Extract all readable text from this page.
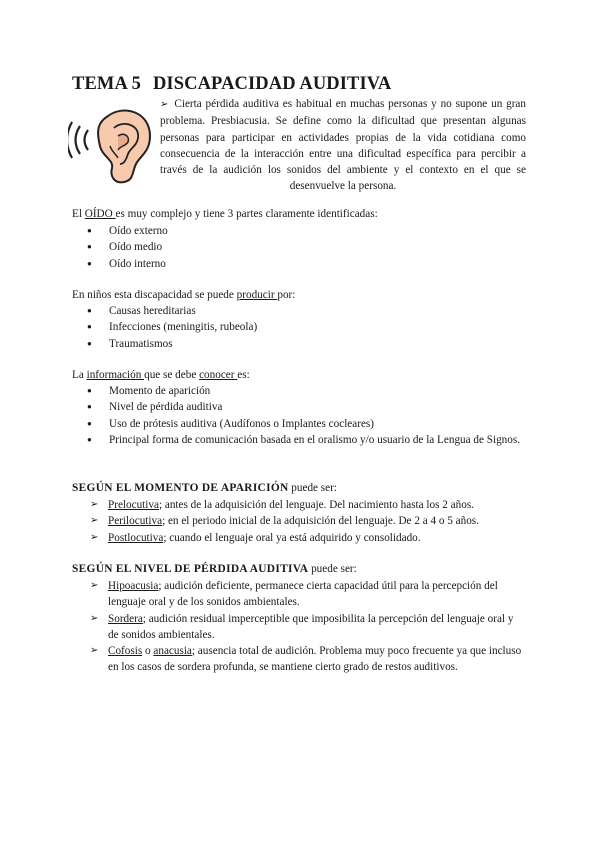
TEMA 5 DISCAPACIDAD AUDITIVA
➢ Cierta pérdida auditiva es habitual en muchas personas y no supone un gran problema. Presbiacusia. Se define como la dificultad que presentan algunas personas para participar en actividades propias de la vida cotidiana como consecuencia de la interacción entre una dificultad específica para percibir a través de la audición los sonidos del ambiente y el contexto en el que se desenvuelve la persona.
El OÍDO es muy complejo y tiene 3 partes claramente identificadas:
● Oído externo
● Oído medio
● Oído interno
En niños esta discapacidad se puede producir por:
● Causas hereditarias
● Infecciones (meningitis, rubeola)
● Traumatismos
La información que se debe conocer es:
● Momento de aparición
● Nivel de pérdida auditiva
● Uso de prótesis auditiva (Audífonos o Implantes cocleares)
● Principal forma de comunicación basada en el oralismo y/o usuario de la Lengua de Signos.
SEGÚN EL MOMENTO DE APARICIÓN puede ser:
➢ Prelocutiva; antes de la adquisición del lenguaje. Del nacimiento hasta los 2 años.
➢ Perilocutiva; en el periodo inicial de la adquisición del lenguaje. De 2 a 4 o 5 años.
➢ Postlocutiva; cuando el lenguaje oral ya está adquirido y consolidado.
SEGÚN EL NIVEL DE PÉRDIDA AUDITIVA puede ser:
➢ Hipoacusia; audición deficiente, permanece cierta capacidad útil para la percepción del lenguaje oral y de los sonidos ambientales.
➢ Sordera; audición residual imperceptible que imposibilita la percepción del lenguaje oral y de sonidos ambientales.
➢ Cofosis o anacusia; ausencia total de audición. Problema muy poco frecuente ya que incluso en los casos de sordera profunda, se mantiene cierto grado de restos auditivos.
